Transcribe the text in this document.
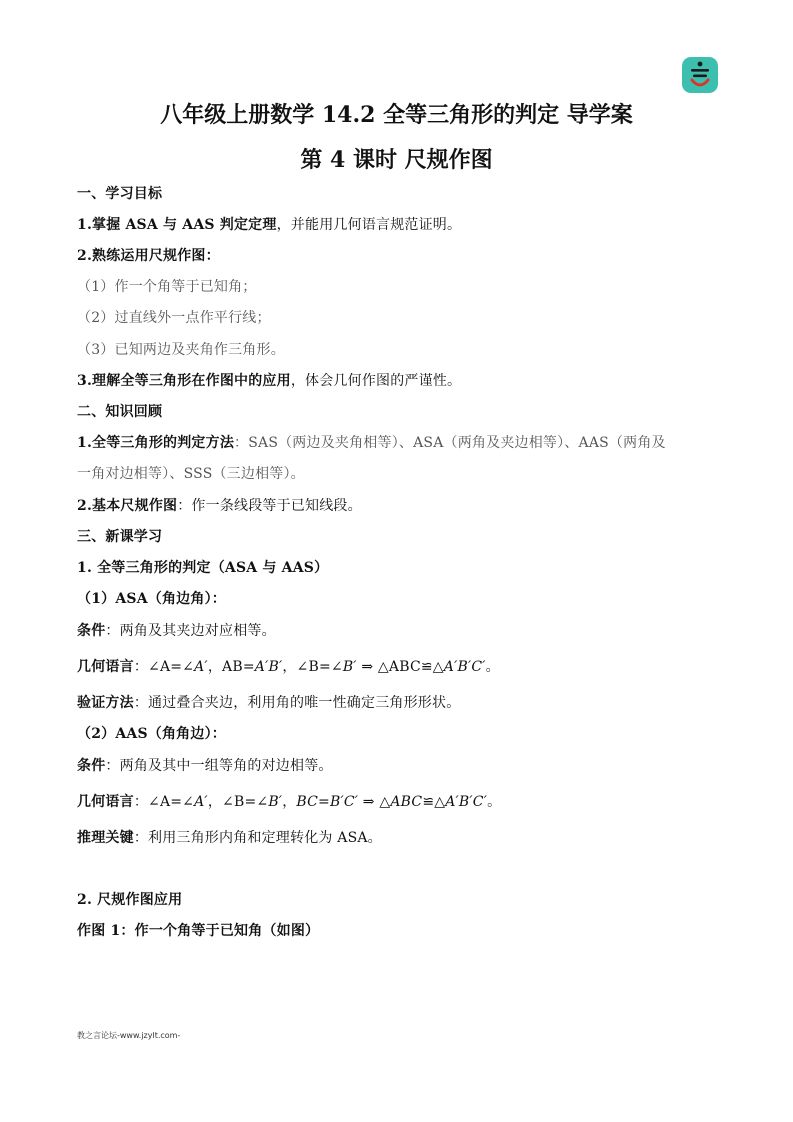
八年级上册数学 14.2 全等三角形的判定 导学案
第 4 课时 尺规作图
一、学习目标
1.掌握 ASA 与 AAS 判定定理，并能用几何语言规范证明。
2.熟练运用尺规作图：
（1）作一个角等于已知角；
（2）过直线外一点作平行线；
（3）已知两边及夹角作三角形。
3.理解全等三角形在作图中的应用，体会几何作图的严谨性。
二、知识回顾
1.全等三角形的判定方法：SAS（两边及夹角相等）、ASA（两角及夹边相等）、AAS（两角及
一角对边相等）、SSS（三边相等）。
2.基本尺规作图：作一条线段等于已知线段。
三、新课学习
1. 全等三角形的判定（ASA 与 AAS）
（1）ASA（角边角）：
条件：两角及其夹边对应相等。
几何语言：∠A=∠A′，AB=A′B′，∠B=∠B′ ⇒ △ABC≌△A′B′C′。
验证方法：通过叠合夹边，利用角的唯一性确定三角形形状。
（2）AAS（角角边）：
条件：两角及其中一组等角的对边相等。
几何语言：∠A=∠A′，∠B=∠B′，BC=B′C′ ⇒ △ABC≌△A′B′C′。
推理关键：利用三角形内角和定理转化为 ASA。
2. 尺规作图应用
作图 1：作一个角等于已知角（如图）
教之言论坛-www.jzylt.com-
